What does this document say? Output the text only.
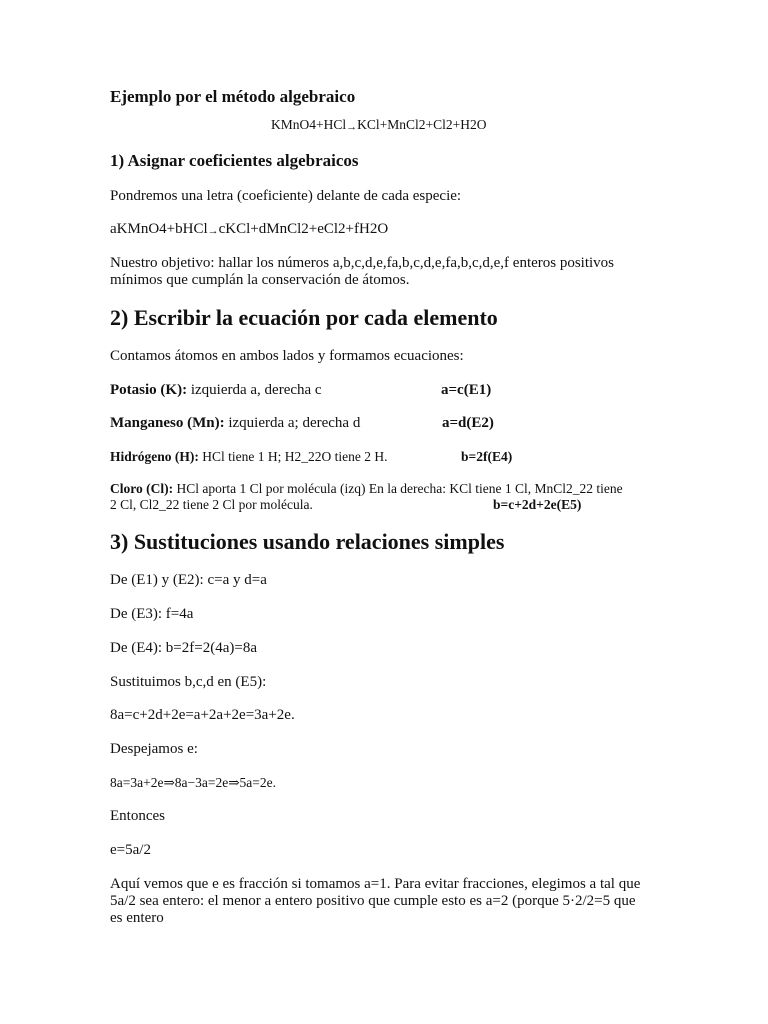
Ejemplo por el método algebraico
KMnO4+HCl→KCl+MnCl2+Cl2+H2O
1) Asignar coeficientes algebraicos
Pondremos una letra (coeficiente) delante de cada especie:
aKMnO4+bHCl→cKCl+dMnCl2+eCl2+fH2O
Nuestro objetivo: hallar los números a,b,c,d,e,fa,b,c,d,e,fa,b,c,d,e,f enteros positivos
mínimos que cumplán la conservación de átomos.
2) Escribir la ecuación por cada elemento
Contamos átomos en ambos lados y formamos ecuaciones:
Potasio (K): izquierda a, derecha c	a=c(E1)
Manganeso (Mn): izquierda a; derecha d	a=d(E2)
Hidrógeno (H): HCl tiene 1 H; H2_22O tiene 2 H.	b=2f(E4)
Cloro (Cl): HCl aporta 1 Cl por molécula (izq) En la derecha: KCl tiene 1 Cl, MnCl2_22 tiene
2 Cl, Cl2_22 tiene 2 Cl por molécula.	b=c+2d+2e(E5)
3) Sustituciones usando relaciones simples
De (E1) y (E2): c=a y d=a
De (E3): f=4a
De (E4): b=2f=2(4a)=8a
Sustituimos b,c,d en (E5):
8a=c+2d+2e=a+2a+2e=3a+2e.
Despejamos e:
8a=3a+2e⇒8a−3a=2e⇒5a=2e.
Entonces
e=5a/2
Aquí vemos que e es fracción si tomamos a=1. Para evitar fracciones, elegimos a tal que
5a/2 sea entero: el menor a entero positivo que cumple esto es a=2 (porque 5·2/2=5 que
es entero
